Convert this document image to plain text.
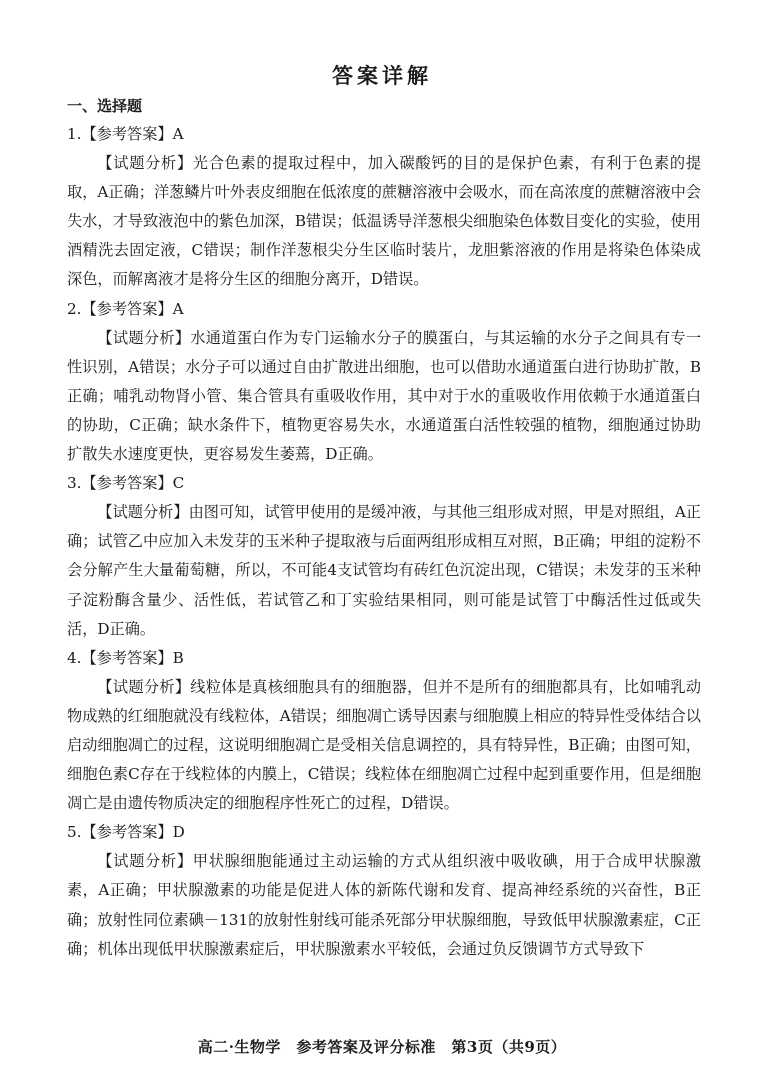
答案详解
一、选择题

1.【参考答案】A

【试题分析】光合色素的提取过程中，加入碳酸钙的目的是保护色素，有利于色素的提取，A正确；洋葱鳞片叶外表皮细胞在低浓度的蔗糖溶液中会吸水，而在高浓度的蔗糖溶液中会失水，才导致液泡中的紫色加深，B错误；低温诱导洋葱根尖细胞染色体数目变化的实验，使用酒精洗去固定液，C错误；制作洋葱根尖分生区临时装片，龙胆紫溶液的作用是将染色体染成深色，而解离液才是将分生区的细胞分离开，D错误。

2.【参考答案】A

【试题分析】水通道蛋白作为专门运输水分子的膜蛋白，与其运输的水分子之间具有专一性识别，A错误；水分子可以通过自由扩散进出细胞，也可以借助水通道蛋白进行协助扩散，B正确；哺乳动物肾小管、集合管具有重吸收作用，其中对于水的重吸收作用依赖于水通道蛋白的协助，C正确；缺水条件下，植物更容易失水，水通道蛋白活性较强的植物，细胞通过协助扩散失水速度更快，更容易发生萎蔫，D正确。

3.【参考答案】C

【试题分析】由图可知，试管甲使用的是缓冲液，与其他三组形成对照，甲是对照组，A正确；试管乙中应加入未发芽的玉米种子提取液与后面两组形成相互对照，B正确；甲组的淀粉不会分解产生大量葡萄糖，所以，不可能4支试管均有砖红色沉淀出现，C错误；未发芽的玉米种子淀粉酶含量少、活性低，若试管乙和丁实验结果相同，则可能是试管丁中酶活性过低或失活，D正确。

4.【参考答案】B

【试题分析】线粒体是真核细胞具有的细胞器，但并不是所有的细胞都具有，比如哺乳动物成熟的红细胞就没有线粒体，A错误；细胞凋亡诱导因素与细胞膜上相应的特异性受体结合以启动细胞凋亡的过程，这说明细胞凋亡是受相关信息调控的，具有特异性，B正确；由图可知，细胞色素C存在于线粒体的内膜上，C错误；线粒体在细胞凋亡过程中起到重要作用，但是细胞凋亡是由遗传物质决定的细胞程序性死亡的过程，D错误。

5.【参考答案】D

【试题分析】甲状腺细胞能通过主动运输的方式从组织液中吸收碘，用于合成甲状腺激素，A正确；甲状腺激素的功能是促进人体的新陈代谢和发育、提高神经系统的兴奋性，B正确；放射性同位素碘－131的放射性射线可能杀死部分甲状腺细胞，导致低甲状腺激素症，C正确；机体出现低甲状腺激素症后，甲状腺激素水平较低，会通过负反馈调节方式导致下

高二·生物学　参考答案及评分标准　第3页（共9页）
